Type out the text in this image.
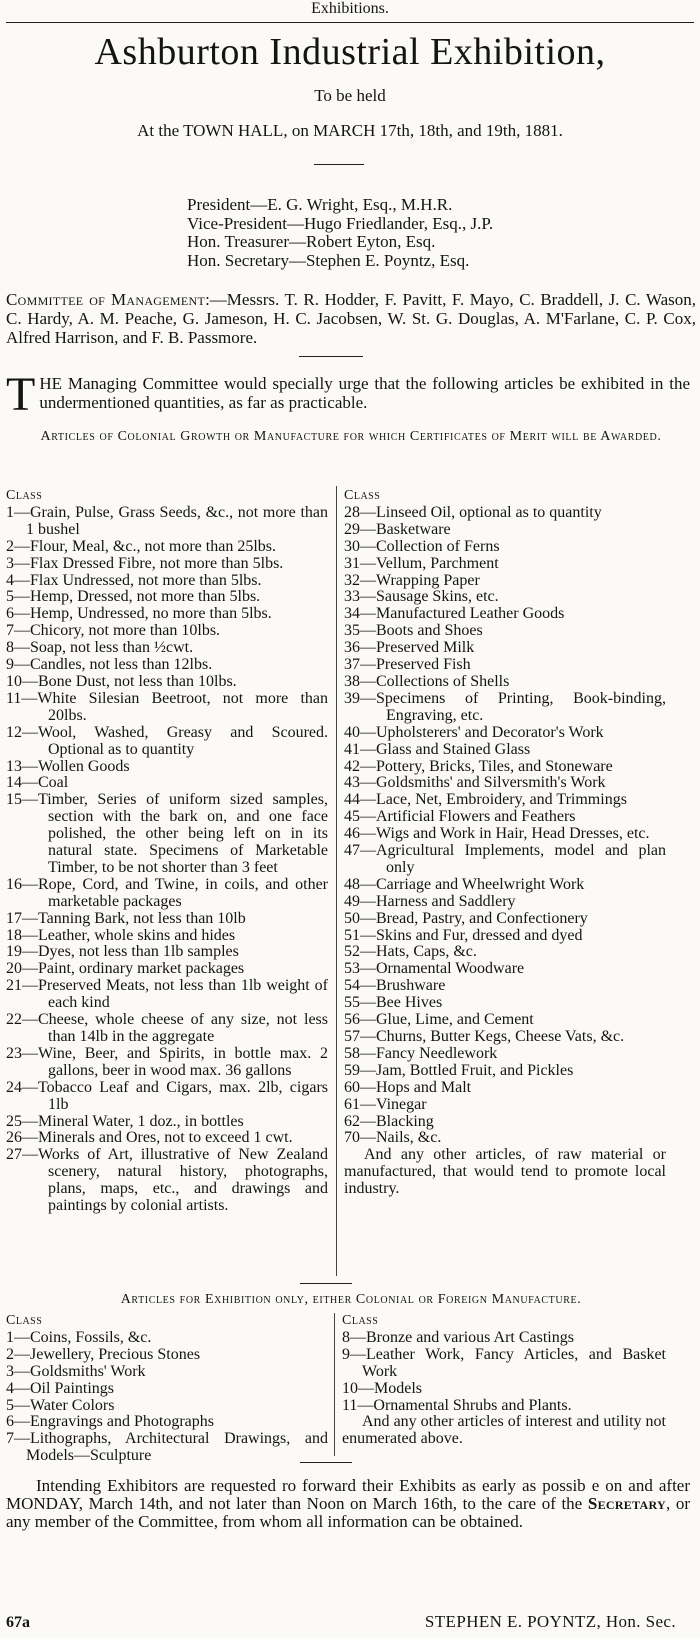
Exhibitions.
Ashburton Industrial Exhibition,
To be held
At the TOWN HALL, on MARCH 17th, 18th, and 19th, 1881.
President—E. G. Wright, Esq., M.H.R.
Vice-President—Hugo Friedlander, Esq., J.P.
Hon. Treasurer—Robert Eyton, Esq.
Hon. Secretary—Stephen E. Poyntz, Esq.
Committee of Management:—Messrs. T. R. Hodder, F. Pavitt, F. Mayo, C. Braddell, J. C. Wason, C. Hardy, A. M. Peache, G. Jameson, H. C. Jacobsen, W. St. G. Douglas, A. M'Farlane, C. P. Cox, Alfred Harrison, and F. B. Passmore.
T HE Managing Committee would specially urge that the following articles be exhibited in the undermentioned quantities, as far as practicable.
Articles of Colonial Growth or Manufacture for which Certificates of Merit will be Awarded.
Class
1—Grain, Pulse, Grass Seeds, &c., not more than 1 bushel
2—Flour, Meal, &c., not more than 25lbs.
3—Flax Dressed Fibre, not more than 5lbs.
4—Flax Undressed, not more than 5lbs.
5—Hemp, Dressed, not more than 5lbs.
6—Hemp, Undressed, no more than 5lbs.
7—Chicory, not more than 10lbs.
8—Soap, not less than ½cwt.
9—Candles, not less than 12lbs.
10—Bone Dust, not less than 10lbs.
11—White Silesian Beetroot, not more than 20lbs.
12—Wool, Washed, Greasy and Scoured. Optional as to quantity
13—Wollen Goods
14—Coal
15—Timber, Series of uniform sized samples, section with the bark on, and one face polished, the other being left on in its natural state. Specimens of Marketable Timber, to be not shorter than 3 feet
16—Rope, Cord, and Twine, in coils, and other marketable packages
17—Tanning Bark, not less than 10lb
18—Leather, whole skins and hides
19—Dyes, not less than 1lb samples
20—Paint, ordinary market packages
21—Preserved Meats, not less than 1lb weight of each kind
22—Cheese, whole cheese of any size, not less than 14lb in the aggregate
23—Wine, Beer, and Spirits, in bottle max. 2 gallons, beer in wood max. 36 gallons
24—Tobacco Leaf and Cigars, max. 2lb, cigars 1lb
25—Mineral Water, 1 doz., in bottles
26—Minerals and Ores, not to exceed 1 cwt.
27—Works of Art, illustrative of New Zealand scenery, natural history, photographs, plans, maps, etc., and drawings and paintings by colonial artists.
Class
28—Linseed Oil, optional as to quantity
29—Basketware
30—Collection of Ferns
31—Vellum, Parchment
32—Wrapping Paper
33—Sausage Skins, etc.
34—Manufactured Leather Goods
35—Boots and Shoes
36—Preserved Milk
37—Preserved Fish
38—Collections of Shells
39—Specimens of Printing, Book-binding, Engraving, etc.
40—Upholsterers' and Decorator's Work
41—Glass and Stained Glass
42—Pottery, Bricks, Tiles, and Stoneware
43—Goldsmiths' and Silversmith's Work
44—Lace, Net, Embroidery, and Trimmings
45—Artificial Flowers and Feathers
46—Wigs and Work in Hair, Head Dresses, etc.
47—Agricultural Implements, model and plan only
48—Carriage and Wheelwright Work
49—Harness and Saddlery
50—Bread, Pastry, and Confectionery
51—Skins and Fur, dressed and dyed
52—Hats, Caps, &c.
53—Ornamental Woodware
54—Brushware
55—Bee Hives
56—Glue, Lime, and Cement
57—Churns, Butter Kegs, Cheese Vats, &c.
58—Fancy Needlework
59—Jam, Bottled Fruit, and Pickles
60—Hops and Malt
61—Vinegar
62—Blacking
70—Nails, &c.
And any other articles, of raw material or manufactured, that would tend to promote local industry.
Articles for Exhibition only, either Colonial or Foreign Manufacture.
Class
1—Coins, Fossils, &c.
2—Jewellery, Precious Stones
3—Goldsmiths' Work
4—Oil Paintings
5—Water Colors
6—Engravings and Photographs
7—Lithographs, Architectural Drawings, and Models—Sculpture
Class
8—Bronze and various Art Castings
9—Leather Work, Fancy Articles, and Basket Work
10—Models
11—Ornamental Shrubs and Plants.
And any other articles of interest and utility not enumerated above.
Intending Exhibitors are requested ro forward their Exhibits as early as possib e on and after MONDAY, March 14th, and not later than Noon on March 16th, to the care of the Secretary, or any member of the Committee, from whom all information can be obtained.
67a	STEPHEN E. POYNTZ, Hon. Sec.
